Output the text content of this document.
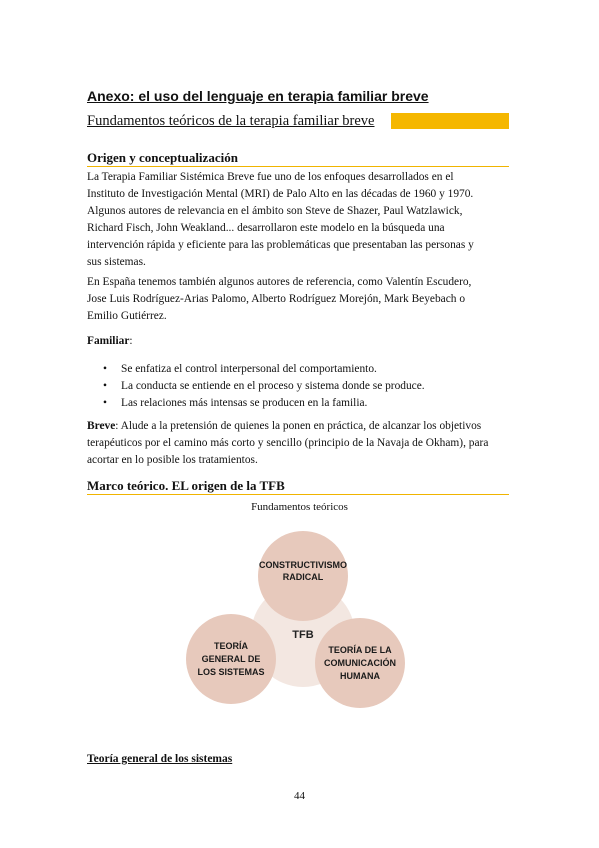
Anexo: el uso del lenguaje en terapia familiar breve
Fundamentos teóricos de la terapia familiar breve
Origen y conceptualización
La Terapia Familiar Sistémica Breve fue uno de los enfoques desarrollados en el
Instituto de Investigación Mental (MRI) de Palo Alto en las décadas de 1960 y 1970.
Algunos autores de relevancia en el ámbito son Steve de Shazer, Paul Watzlawick,
Richard Fisch, John Weakland... desarrollaron este modelo en la búsqueda una
intervención rápida y eficiente para las problemáticas que presentaban las personas y
sus sistemas.
En España tenemos también algunos autores de referencia, como Valentín Escudero,
Jose Luis Rodríguez-Arias Palomo, Alberto Rodríguez Morejón, Mark Beyebach o
Emilio Gutiérrez.
Familiar:
• Se enfatiza el control interpersonal del comportamiento.
• La conducta se entiende en el proceso y sistema donde se produce.
• Las relaciones más intensas se producen en la familia.
Breve: Alude a la pretensión de quienes la ponen en práctica, de alcanzar los objetivos
terapéuticos por el camino más corto y sencillo (principio de la Navaja de Okham), para
acortar en lo posible los tratamientos.
Marco teórico. EL origen de la TFB
Fundamentos teóricos
TFB
CONSTRUCTIVISMO
RADICAL
TEORÍA
GENERAL DE
LOS SISTEMAS
TEORÍA DE LA
COMUNICACIÓN
HUMANA
Teoría general de los sistemas
44
